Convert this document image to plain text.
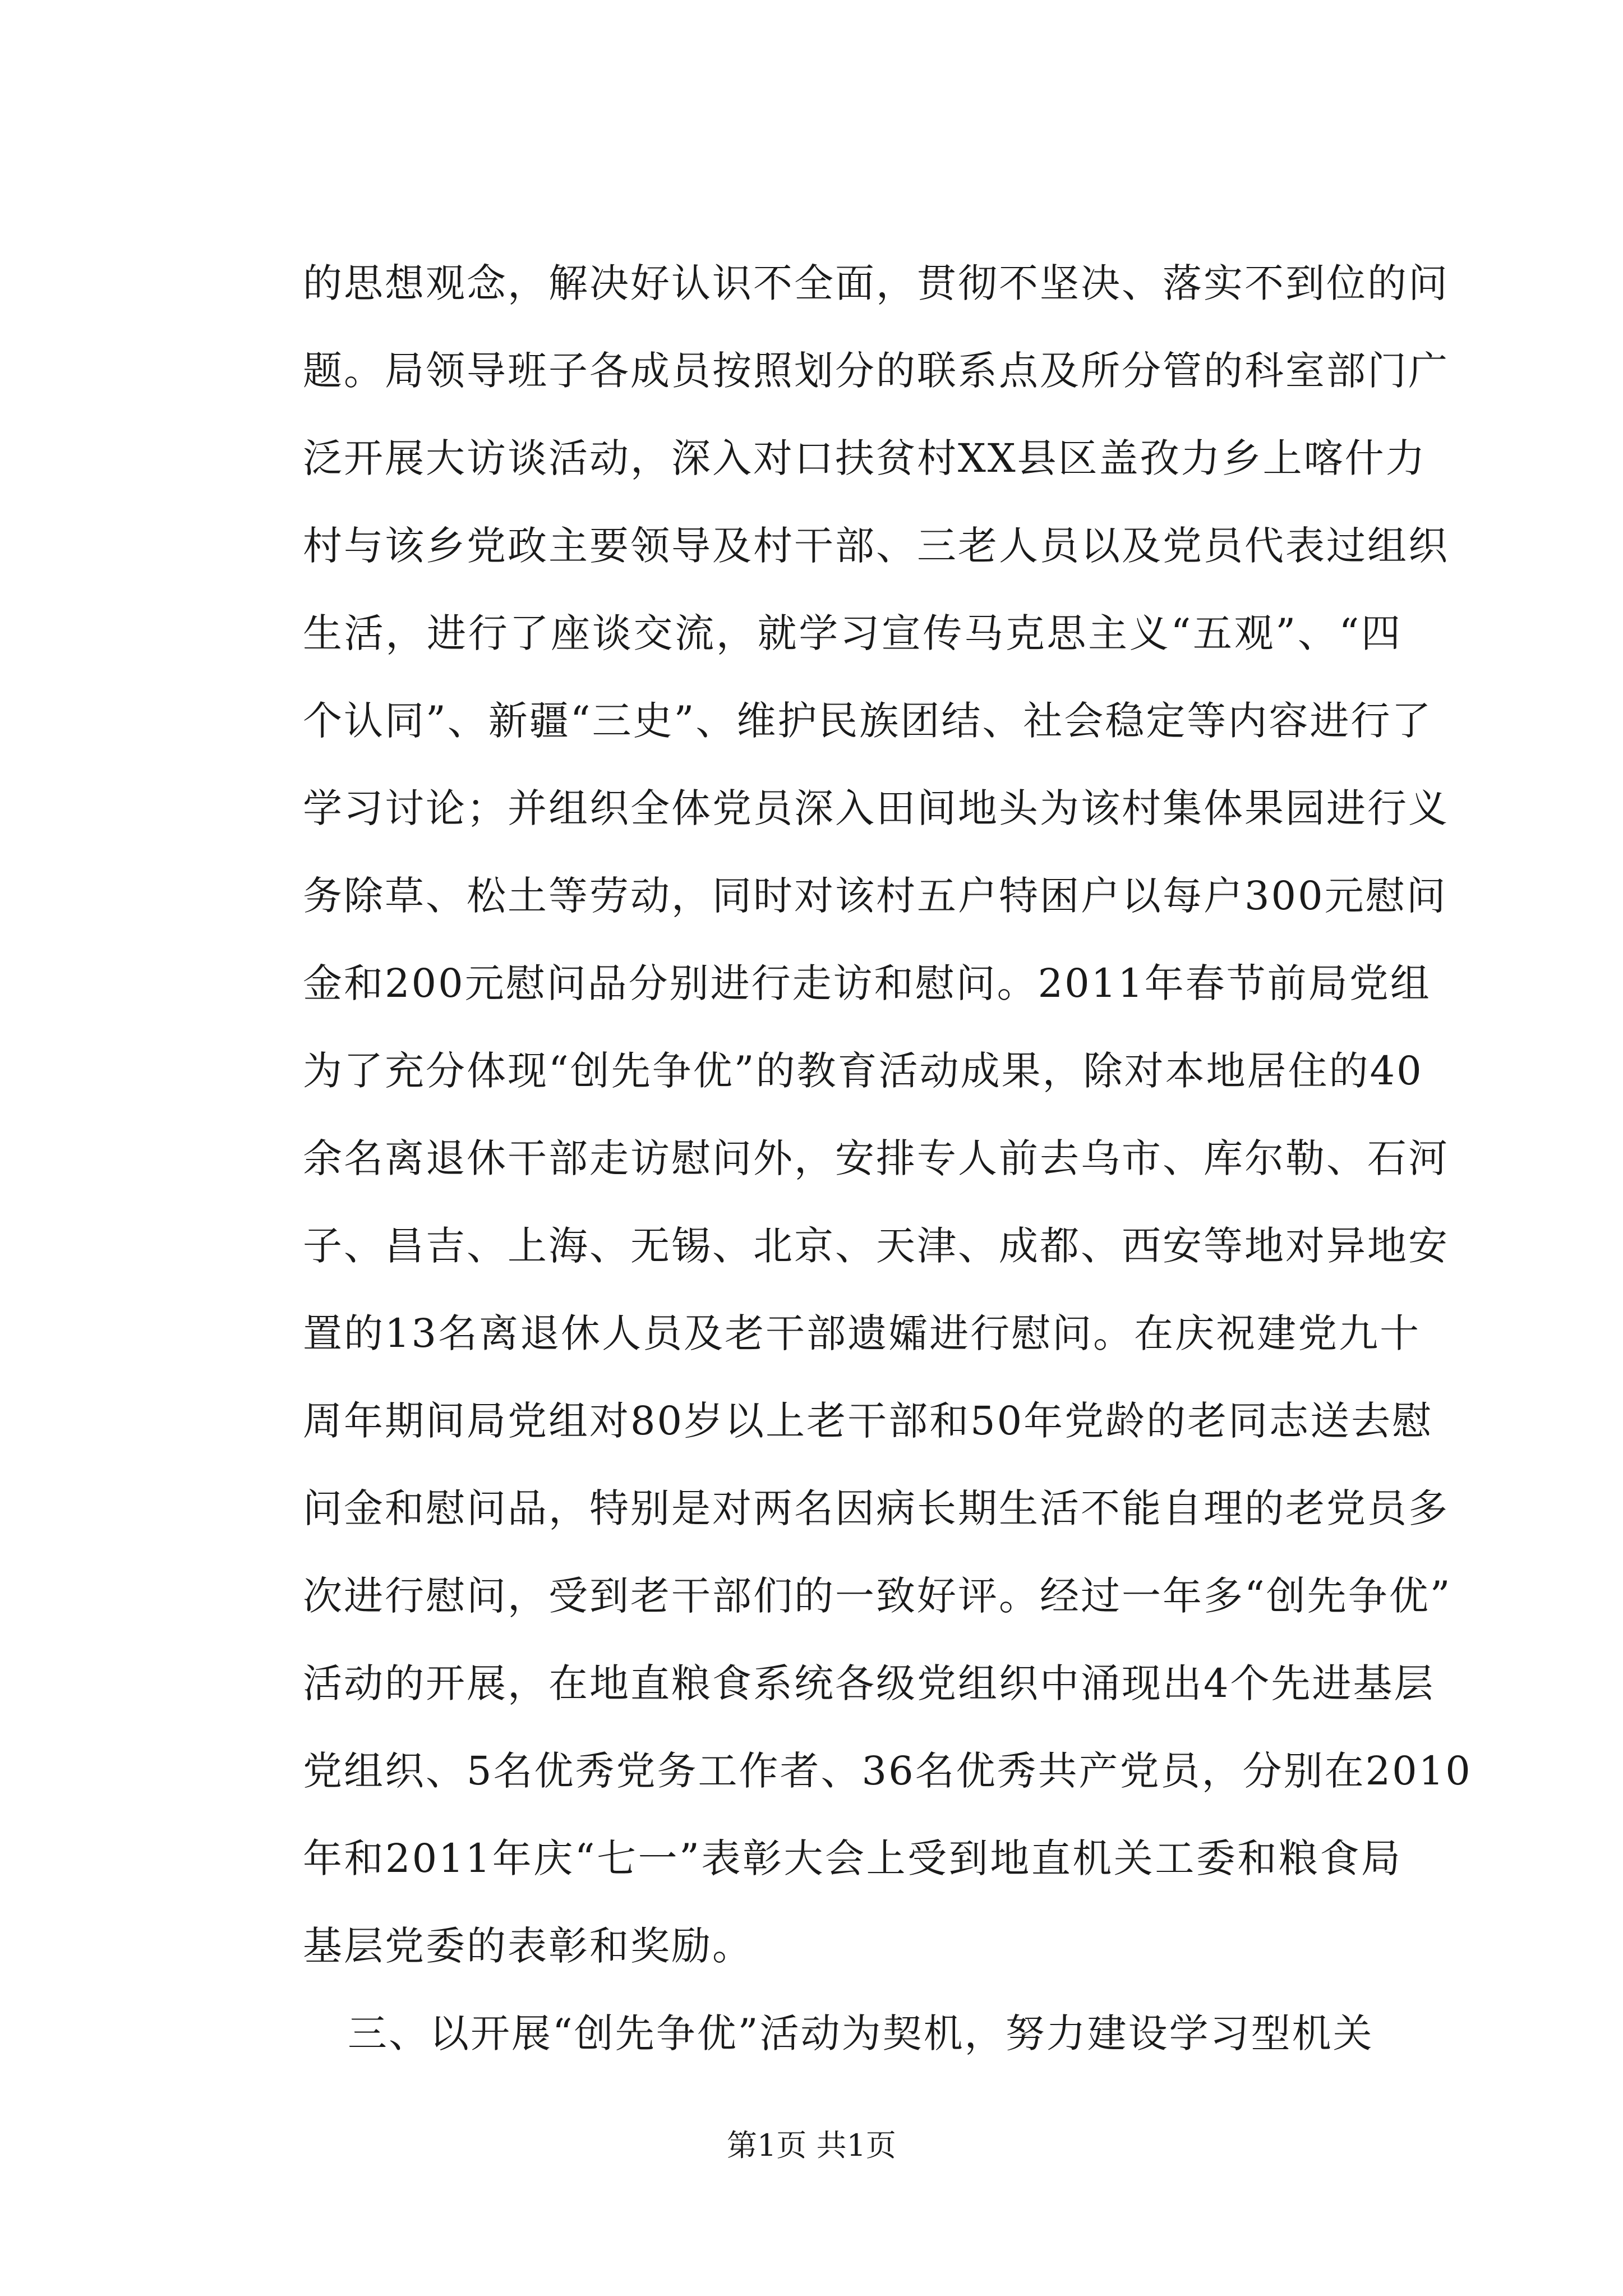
的思想观念，解决好认识不全面，贯彻不坚决、落实不到位的问
题。局领导班子各成员按照划分的联系点及所分管的科室部门广
泛开展大访谈活动，深入对口扶贫村XX县区盖孜力乡上喀什力
村与该乡党政主要领导及村干部、三老人员以及党员代表过组织
生活，进行了座谈交流，就学习宣传马克思主义“五观”、“四
个认同”、新疆“三史”、维护民族团结、社会稳定等内容进行了
学习讨论；并组织全体党员深入田间地头为该村集体果园进行义
务除草、松土等劳动，同时对该村五户特困户以每户300元慰问
金和200元慰问品分别进行走访和慰问。2011年春节前局党组
为了充分体现“创先争优”的教育活动成果，除对本地居住的40
余名离退休干部走访慰问外，安排专人前去乌市、库尔勒、石河
子、昌吉、上海、无锡、北京、天津、成都、西安等地对异地安
置的13名离退休人员及老干部遗孀进行慰问。在庆祝建党九十
周年期间局党组对80岁以上老干部和50年党龄的老同志送去慰
问金和慰问品，特别是对两名因病长期生活不能自理的老党员多
次进行慰问，受到老干部们的一致好评。经过一年多“创先争优”
活动的开展，在地直粮食系统各级党组织中涌现出4个先进基层
党组织、5名优秀党务工作者、36名优秀共产党员，分别在2010
年和2011年庆“七一”表彰大会上受到地直机关工委和粮食局
基层党委的表彰和奖励。
第1页 共1页
三、以开展“创先争优”活动为契机，努力建设学习型机关
